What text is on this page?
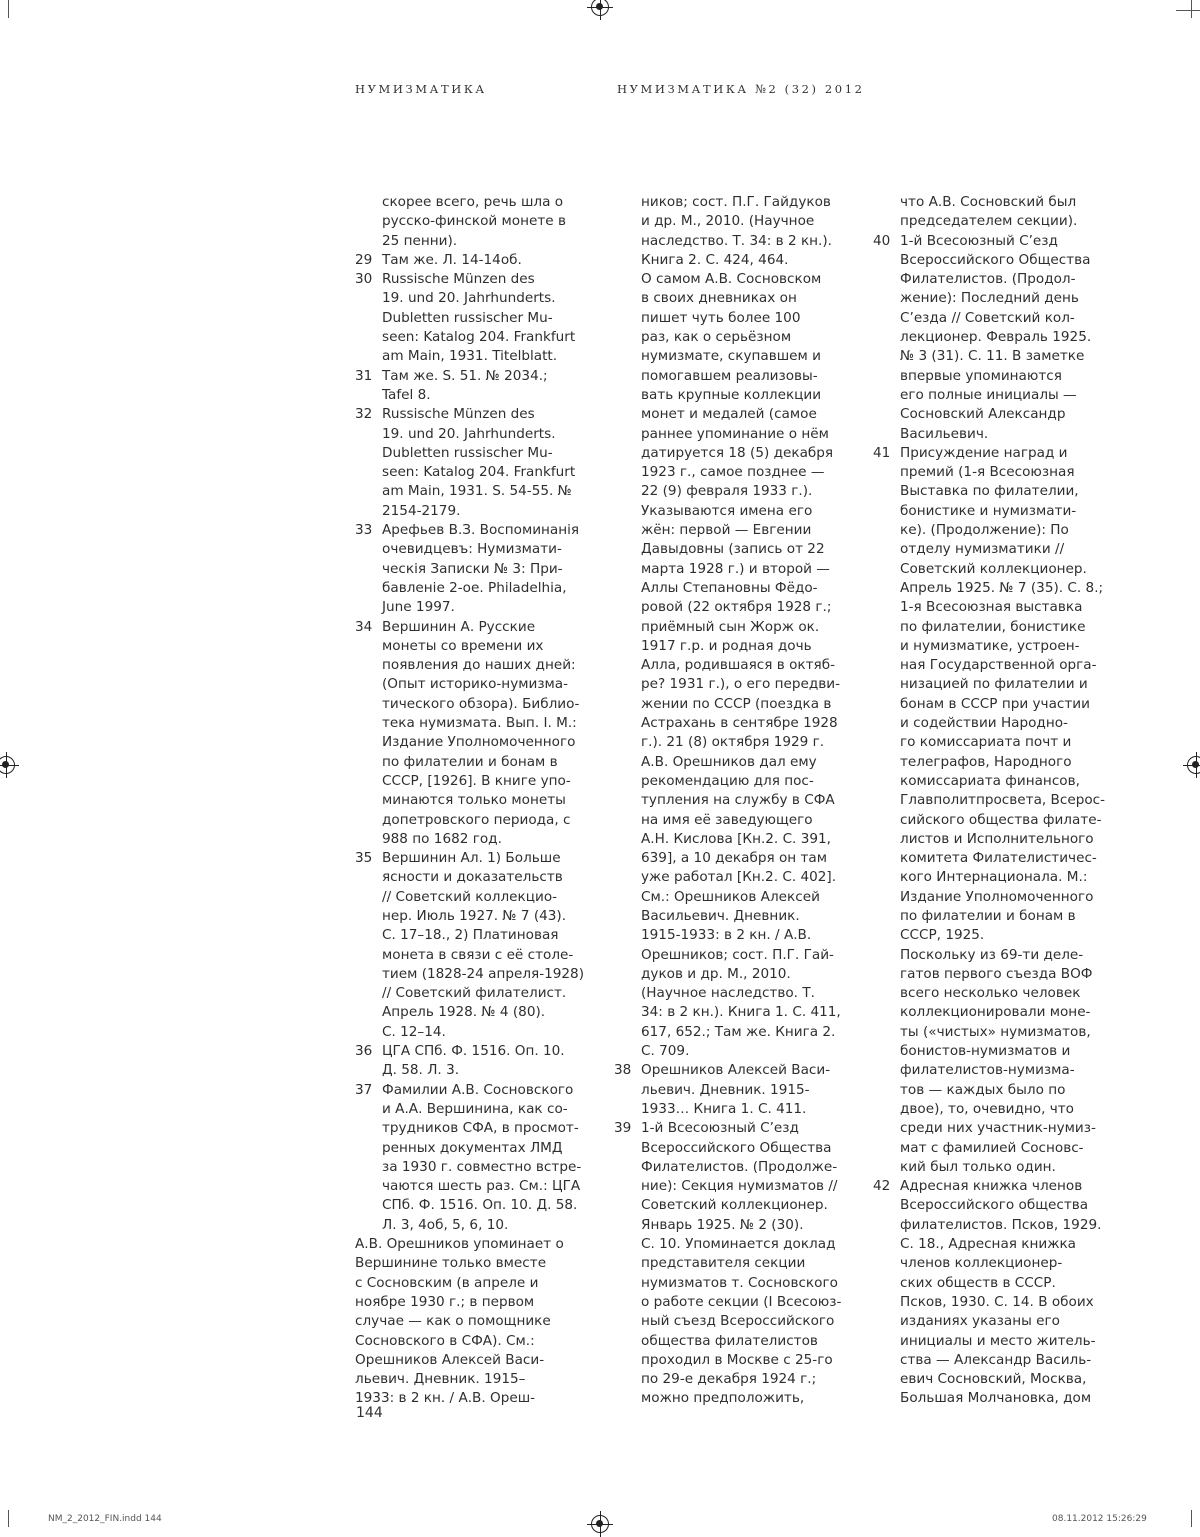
НУМИЗМАТИКА	НУМИЗМАТИКА №2 (32) 2012
скорее всего, речь шла о
русско-финской монете в
25 пенни).
29 Там же. Л. 14-14об.
30 Russische Münzen des
19. und 20. Jahrhunderts.
Dubletten russischer Mu-
seen: Katalog 204. Frankfurt
am Main, 1931. Titelblatt.
31 Там же. S. 51. № 2034.;
Tafel 8.
32 Russische Münzen des
19. und 20. Jahrhunderts.
Dubletten russischer Mu-
seen: Katalog 204. Frankfurt
am Main, 1931. S. 54-55. №
2154-2179.
33 Арефьев В.З. Воспоминанія
очевидцевъ: Нумизмати-
ческія Записки № 3: При-
бавленіе 2-ое. Philadelhia,
June 1997.
34 Вершинин А. Русские
монеты со времени их
появления до наших дней:
(Опыт историко-нумизма-
тического обзора). Библио-
тека нумизмата. Вып. I. М.:
Издание Уполномоченного
по филателии и бонам в
СССР, [1926]. В книге упо-
минаются только монеты
допетровского периода, с
988 по 1682 год.
35 Вершинин Ал. 1) Больше
ясности и доказательств
// Советский коллекцио-
нер. Июль 1927. № 7 (43).
С. 17–18., 2) Платиновая
монета в связи с её столе-
тием (1828-24 апреля-1928)
// Советский филателист.
Апрель 1928. № 4 (80).
С. 12–14.
36 ЦГА СПб. Ф. 1516. Оп. 10.
Д. 58. Л. 3.
37 Фамилии А.В. Сосновского
и А.А. Вершинина, как со-
трудников СФА, в просмот-
ренных документах ЛМД
за 1930 г. совместно встре-
чаются шесть раз. См.: ЦГА
СПб. Ф. 1516. Оп. 10. Д. 58.
Л. 3, 4об, 5, 6, 10.
А.В. Орешников упоминает о
Вершинине только вместе
с Сосновским (в апреле и
ноябре 1930 г.; в первом
случае — как о помощнике
Сосновского в СФА). См.:
Орешников Алексей Васи-
льевич. Дневник. 1915–
1933: в 2 кн. / А.В. Ореш-
ников; сост. П.Г. Гайдуков
и др. М., 2010. (Научное
наследство. Т. 34: в 2 кн.).
Книга 2. С. 424, 464.
О самом А.В. Сосновском
в своих дневниках он
пишет чуть более 100
раз, как о серьёзном
нумизмате, скупавшем и
помогавшем реализовы-
вать крупные коллекции
монет и медалей (самое
раннее упоминание о нём
датируется 18 (5) декабря
1923 г., самое позднее —
22 (9) февраля 1933 г.).
Указываются имена его
жён: первой — Евгении
Давыдовны (запись от 22
марта 1928 г.) и второй —
Аллы Степановны Фёдо-
ровой (22 октября 1928 г.;
приёмный сын Жорж ок.
1917 г.р. и родная дочь
Алла, родившаяся в октяб-
ре? 1931 г.), о его передви-
жении по СССР (поездка в
Астрахань в сентябре 1928
г.). 21 (8) октября 1929 г.
А.В. Орешников дал ему
рекомендацию для пос-
тупления на службу в СФА
на имя её заведующего
А.Н. Кислова [Кн.2. С. 391,
639], а 10 декабря он там
уже работал [Кн.2. С. 402].
См.: Орешников Алексей
Васильевич. Дневник.
1915-1933: в 2 кн. / А.В.
Орешников; сост. П.Г. Гай-
дуков и др. М., 2010.
(Научное наследство. Т.
34: в 2 кн.). Книга 1. С. 411,
617, 652.; Там же. Книга 2.
С. 709.
38 Орешников Алексей Васи-
льевич. Дневник. 1915-
1933… Книга 1. С. 411.
39 1-й Всесоюзный С’езд
Всероссийского Общества
Филателистов. (Продолже-
ние): Секция нумизматов //
Советский коллекционер.
Январь 1925. № 2 (30).
С. 10. Упоминается доклад
представителя секции
нумизматов т. Сосновского
о работе секции (I Всесоюз-
ный съезд Всероссийского
общества филателистов
проходил в Москве с 25-го
по 29-е декабря 1924 г.;
можно предположить,
что А.В. Сосновский был
председателем секции).
40 1-й Всесоюзный С’езд
Всероссийского Общества
Филателистов. (Продол-
жение): Последний день
С’езда // Советский кол-
лекционер. Февраль 1925.
№ 3 (31). С. 11. В заметке
впервые упоминаются
его полные инициалы —
Сосновский Александр
Васильевич.
41 Присуждение наград и
премий (1-я Всесоюзная
Выставка по филателии,
бонистике и нумизмати-
ке). (Продолжение): По
отделу нумизматики //
Советский коллекционер.
Апрель 1925. № 7 (35). С. 8.;
1-я Всесоюзная выставка
по филателии, бонистике
и нумизматике, устроен-
ная Государственной орга-
низацией по филателии и
бонам в СССР при участии
и содействии Народно-
го комиссариата почт и
телеграфов, Народного
комиссариата финансов,
Главполитпросвета, Всерос-
сийского общества филате-
листов и Исполнительного
комитета Филателистичес-
кого Интернационала. М.:
Издание Уполномоченного
по филателии и бонам в
СССР, 1925.
Поскольку из 69-ти деле-
гатов первого съезда ВОФ
всего несколько человек
коллекционировали моне-
ты («чистых» нумизматов,
бонистов-нумизматов и
филателистов-нумизма-
тов — каждых было по
двое), то, очевидно, что
среди них участник-нумиз-
мат с фамилией Сосновс-
кий был только один.
42 Адресная книжка членов
Всероссийского общества
филателистов. Псков, 1929.
С. 18., Адресная книжка
членов коллекционер-
ских обществ в СССР.
Псков, 1930. С. 14. В обоих
изданиях указаны его
инициалы и место житель-
ства — Александр Василь-
евич Сосновский, Москва,
Большая Молчановка, дом
144
NM_2_2012_FIN.indd 144	08.11.2012 15:26:29
